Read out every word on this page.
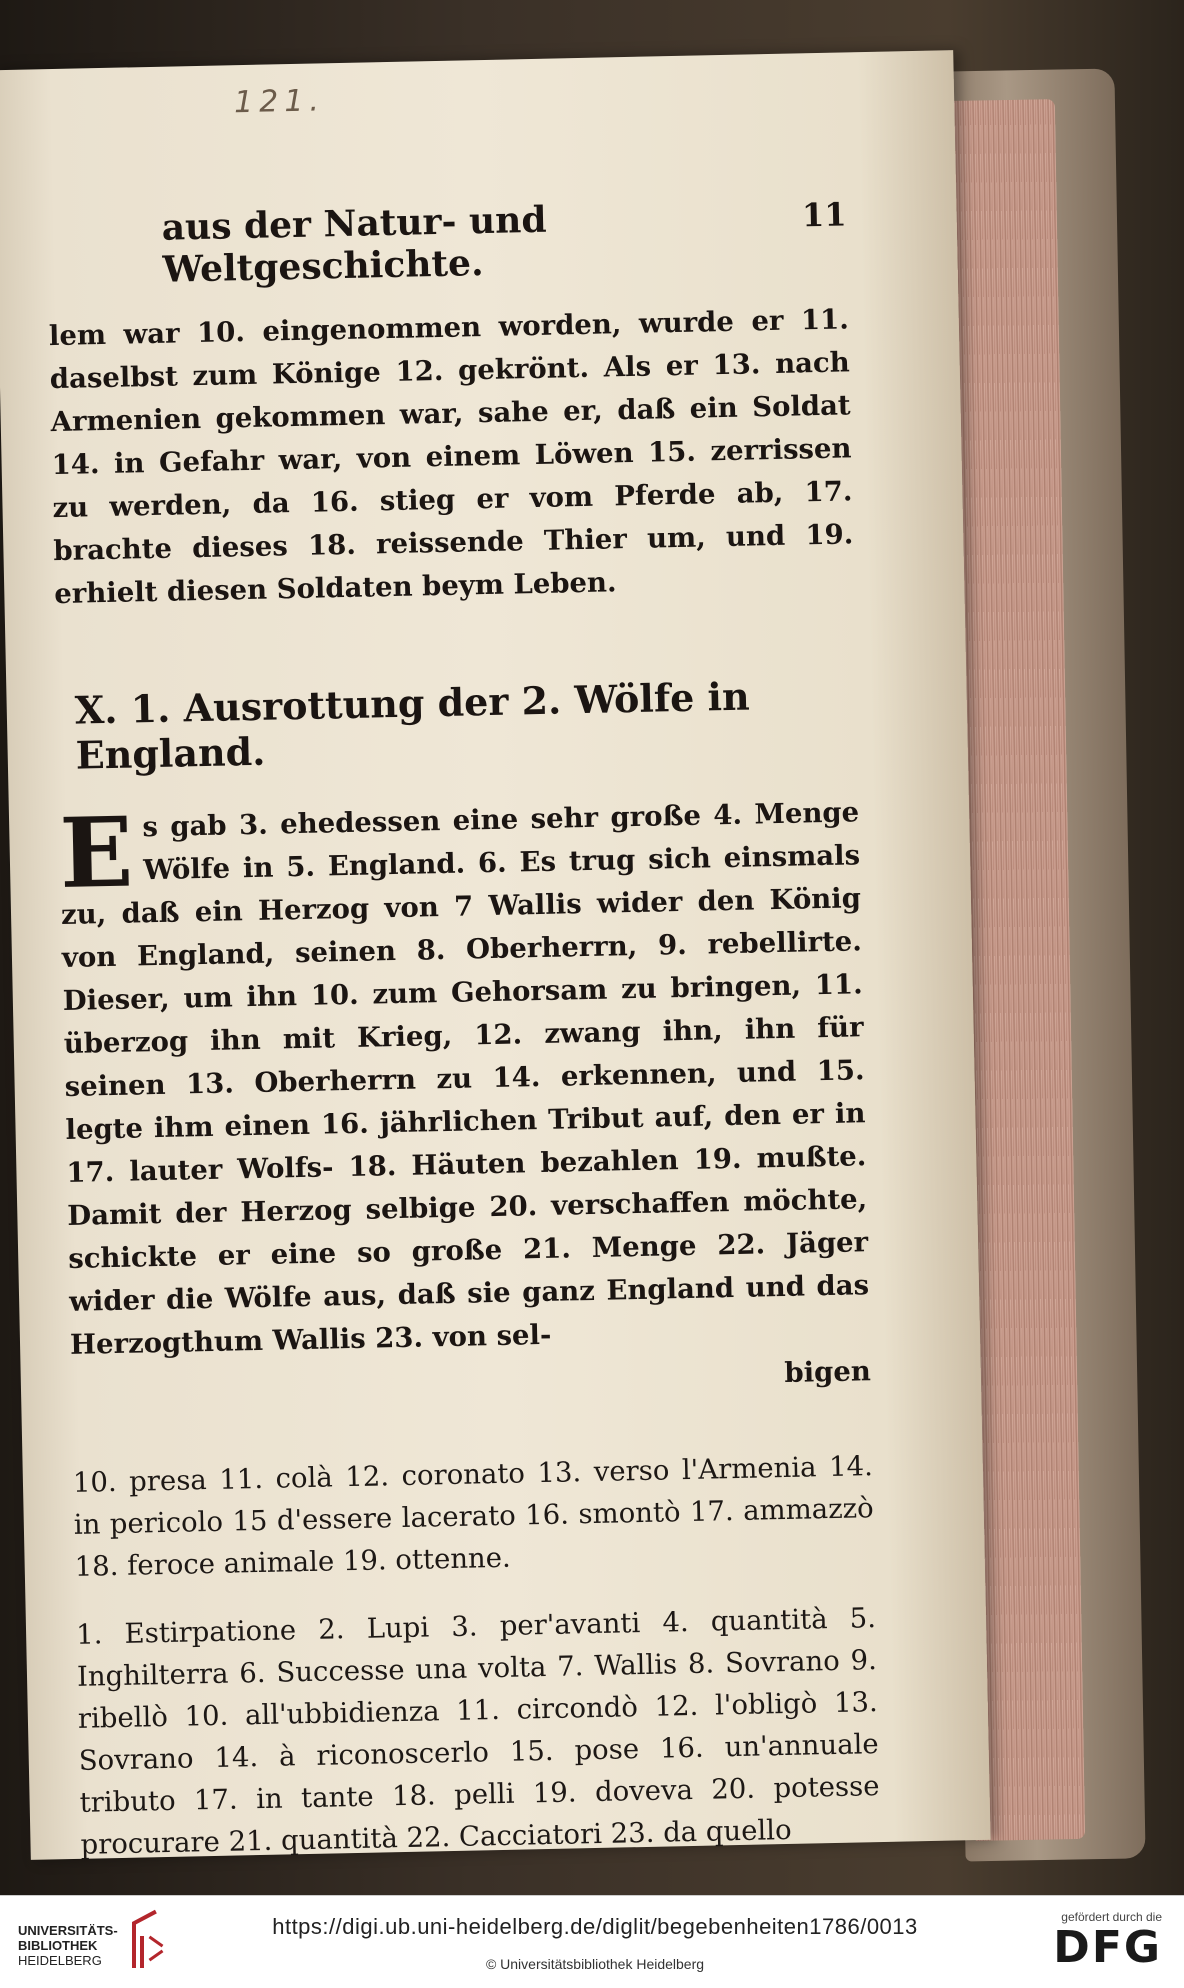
121.
aus der Natur- und Weltgeschichte.
11
lem war 10. eingenommen worden, wurde er 11. daselbst zum Könige 12. gekrönt. Als er 13. nach Armenien gekommen war, sahe er, daß ein Soldat 14. in Gefahr war, von einem Löwen 15. zerrissen zu werden, da 16. stieg er vom Pferde ab, 17. brachte dieses 18. reissende Thier um, und 19. erhielt diesen Soldaten beym Leben.
X. 1. Ausrottung der 2. Wölfe in England.
Es gab 3. ehedessen eine sehr große 4. Menge Wölfe in 5. England. 6. Es trug sich einsmals zu, daß ein Herzog von 7 Wallis wider den König von England, seinen 8. Oberherrn, 9. rebellirte. Dieser, um ihn 10. zum Gehorsam zu bringen, 11. überzog ihn mit Krieg, 12. zwang ihn, ihn für seinen 13. Oberherrn zu 14. erkennen, und 15. legte ihm einen 16. jährlichen Tribut auf, den er in 17. lauter Wolfs- 18. Häuten bezahlen 19. mußte. Damit der Herzog selbige 20. verschaffen möchte, schickte er eine so große 21. Menge 22. Jäger wider die Wölfe aus, daß sie ganz England und das Herzogthum Wallis 23. von sel-
bigen

10. presa 11. colà 12. coronato 13. verso l'Armenia 14. in pericolo 15 d'essere lacerato 16. smontò 17. ammazzò 18. feroce animale 19. ottenne.

1. Estirpatione 2. Lupi 3. per'avanti 4. quantità 5. Inghilterra 6. Successe una volta 7. Wallis 8. Sovrano 9. ribellò 10. all'ubbidienza 11. circondò 12. l'obligò 13. Sovrano 14. à riconoscerlo 15. pose 16. un'annuale tributo 17. in tante 18. pelli 19. doveva 20. potesse procurare 21. quantità 22. Cacciatori 23. da quello

UNIVERSITÄTS-
BIBLIOTHEK
HEIDELBERG
https://digi.ub.uni-heidelberg.de/diglit/begebenheiten1786/0013
© Universitätsbibliothek Heidelberg
gefördert durch die
DFG
